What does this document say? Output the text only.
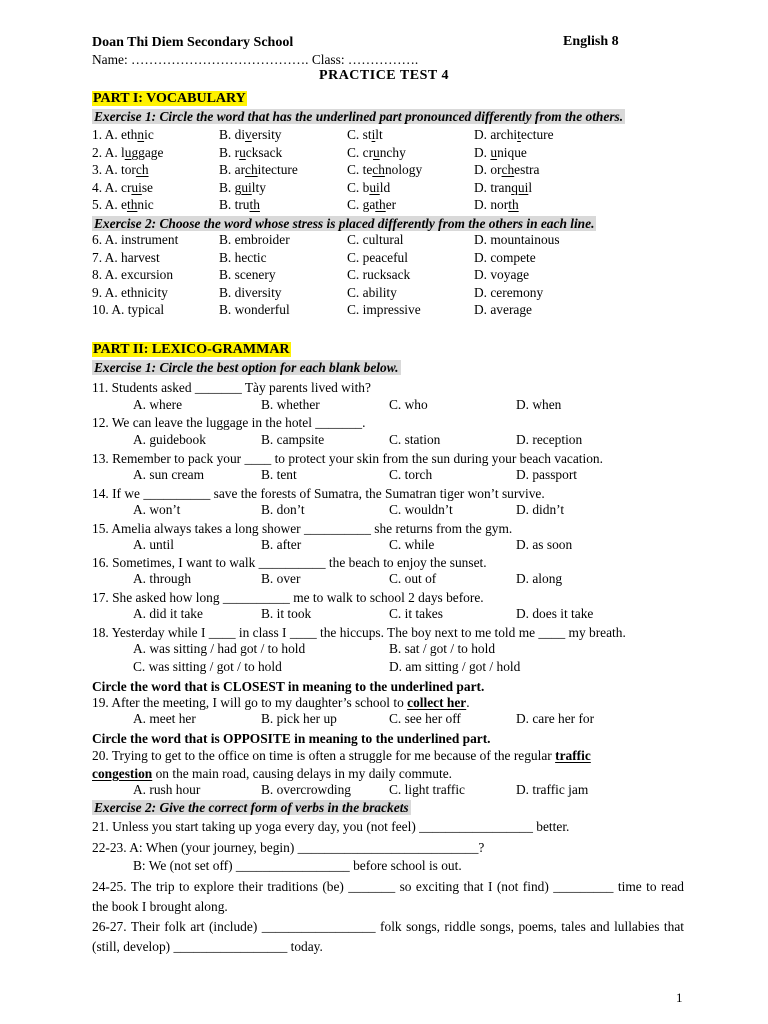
Doan Thi Diem Secondary School	English 8
Name: …………………………………. Class: …………….
PRACTICE TEST 4
PART I: VOCABULARY
Exercise 1: Circle the word that has the underlined part pronounced differently from the others.
1. A. ethnic	B. diversity	C. stilt	D. architecture
2. A. luggage	B. rucksack	C. crunchy	D. unique
3. A. torch	B. architecture	C. technology	D. orchestra
4. A. cruise	B. guilty	C. build	D. tranquil
5. A. ethnic	B. truth	C. gather	D. north
Exercise 2: Choose the word whose stress is placed differently from the others in each line.
6. A. instrument	B. embroider	C. cultural	D. mountainous
7. A. harvest	B. hectic	C. peaceful	D. compete
8. A. excursion	B. scenery	C. rucksack	D. voyage
9. A. ethnicity	B. diversity	C. ability	D. ceremony
10. A. typical	B. wonderful	C. impressive	D. average
PART II: LEXICO-GRAMMAR
Exercise 1: Circle the best option for each blank below.
11. Students asked _______ Tày parents lived with?
A. where	B. whether	C. who	D. when
12. We can leave the luggage in the hotel _______.
A. guidebook	B. campsite	C. station	D. reception
13. Remember to pack your ____ to protect your skin from the sun during your beach vacation.
A. sun cream	B. tent	C. torch	D. passport
14. If we __________ save the forests of Sumatra, the Sumatran tiger won’t survive.
A. won’t	B. don’t	C. wouldn’t	D. didn’t
15. Amelia always takes a long shower __________ she returns from the gym.
A. until	B. after	C. while	D. as soon
16. Sometimes, I want to walk __________ the beach to enjoy the sunset.
A. through	B. over	C. out of	D. along
17. She asked how long __________ me to walk to school 2 days before.
A. did it take	B. it took	C. it takes	D. does it take
18. Yesterday while I ____ in class I ____ the hiccups. The boy next to me told me ____ my breath.
A. was sitting / had got / to hold	B. sat / got / to hold
C. was sitting / got / to hold	D. am sitting / got / hold
Circle the word that is CLOSEST in meaning to the underlined part.
19. After the meeting, I will go to my daughter’s school to collect her.
A. meet her	B. pick her up	C. see her off	D. care her for
Circle the word that is OPPOSITE in meaning to the underlined part.
20. Trying to get to the office on time is often a struggle for me because of the regular traffic
congestion on the main road, causing delays in my daily commute.
A. rush hour	B. overcrowding	C. light traffic	D. traffic jam
Exercise 2: Give the correct form of verbs in the brackets
21. Unless you start taking up yoga every day, you (not feel) _________________ better.
22-23. A: When (your journey, begin) ___________________________?
B: We (not set off) _________________ before school is out.
24-25. The trip to explore their traditions (be) _______ so exciting that I (not find) _________ time to read the book I brought along.
26-27. Their folk art (include) _________________ folk songs, riddle songs, poems, tales and lullabies that (still, develop) _________________ today.
1
